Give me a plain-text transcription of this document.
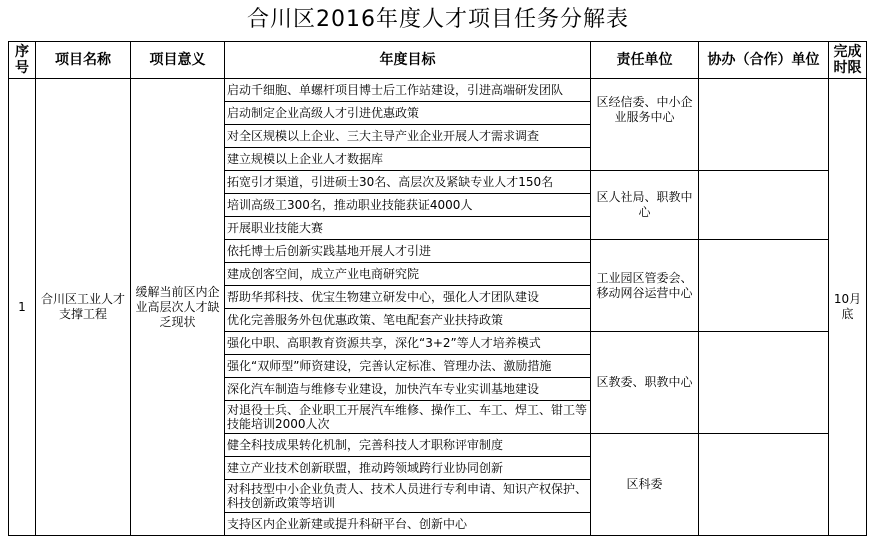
合川区2016年度人才项目任务分解表
序号	项目名称	项目意义	年度目标	责任单位	协办（合作）单位	完成时限
1	合川区工业人才支撑工程	缓解当前区内企业高层次人才缺乏现状	启动千细胞、单螺杆项目博士后工作站建设，引进高端研发团队	区经信委、中小企业服务中心		10月底
			启动制定企业高级人才引进优惠政策			
			对全区规模以上企业、三大主导产业企业开展人才需求调查			
			建立规模以上企业人才数据库			
			拓宽引才渠道，引进硕士30名、高层次及紧缺专业人才150名	区人社局、职教中心		
			培训高级工300名，推动职业技能获证4000人			
			开展职业技能大赛			
			依托博士后创新实践基地开展人才引进	工业园区管委会、移动网谷运营中心		
			建成创客空间，成立产业电商研究院			
			帮助华邦科技、优宝生物建立研发中心，强化人才团队建设			
			优化完善服务外包优惠政策、笔电配套产业扶持政策			
			强化中职、高职教育资源共享，深化“3+2”等人才培养模式	区教委、职教中心		
			强化“双师型”师资建设，完善认定标准、管理办法、激励措施			
			深化汽车制造与维修专业建设，加快汽车专业实训基地建设			
			对退役士兵、企业职工开展汽车维修、操作工、车工、焊工、钳工等技能培训2000人次			
			健全科技成果转化机制，完善科技人才职称评审制度	区科委		
			建立产业技术创新联盟，推动跨领域跨行业协同创新			
			对科技型中小企业负责人、技术人员进行专利申请、知识产权保护、科技创新政策等培训			
			支持区内企业新建或提升科研平台、创新中心			
